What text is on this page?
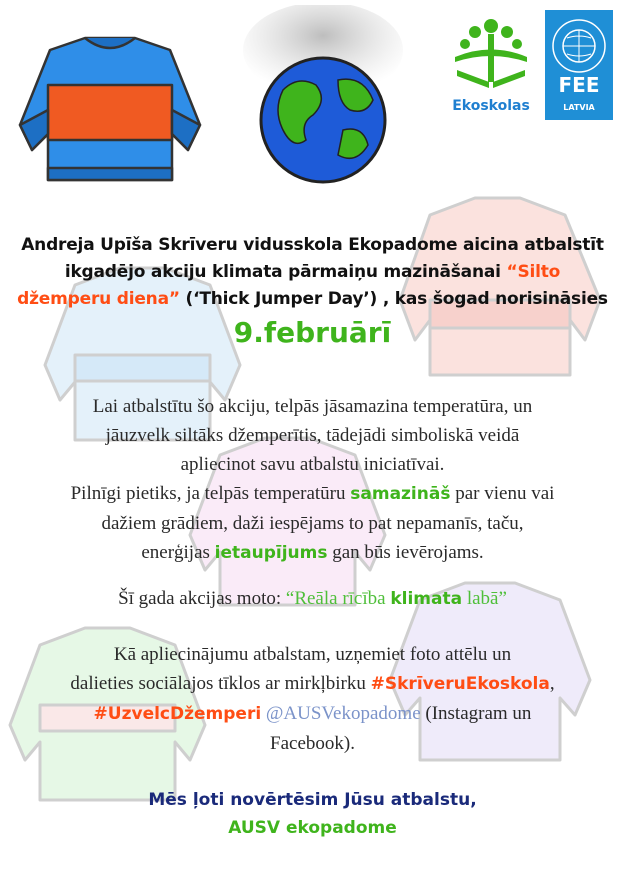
Ekoskolas
FEE
LATVIA
Andreja Upīša Skrīveru vidusskola Ekopadome aicina atbalstīt
ikgadējo akciju klimata pārmaiņu mazināšanai “Silto
džemperu diena” (‘Thick Jumper Day’) , kas šogad norisināsies
9.februārī
Lai atbalstītu šo akciju, telpās jāsamazina temperatūra, un
jāuzvelk siltāks džemperītis, tādejādi simboliskā veidā
apliecinot savu atbalstu iniciatīvai.
Pilnīgi pietiks, ja telpās temperatūru samazināš par vienu vai
dažiem grādiem, daži iespējams to pat nepamanīs, taču,
enerģijas ietaupījums gan būs ievērojams.
Šī gada akcijas moto: “Reāla rīcība klimata labā”
Kā apliecinājumu atbalstam, uzņemiet foto attēlu un
dalieties sociālajos tīklos ar mirkļbirku #SkrīveruEkoskola,
#UzvelcDžemperi @AUSVekopadome (Instagram un
Facebook).
Mēs ļoti novērtēsim Jūsu atbalstu,
AUSV ekopadome
